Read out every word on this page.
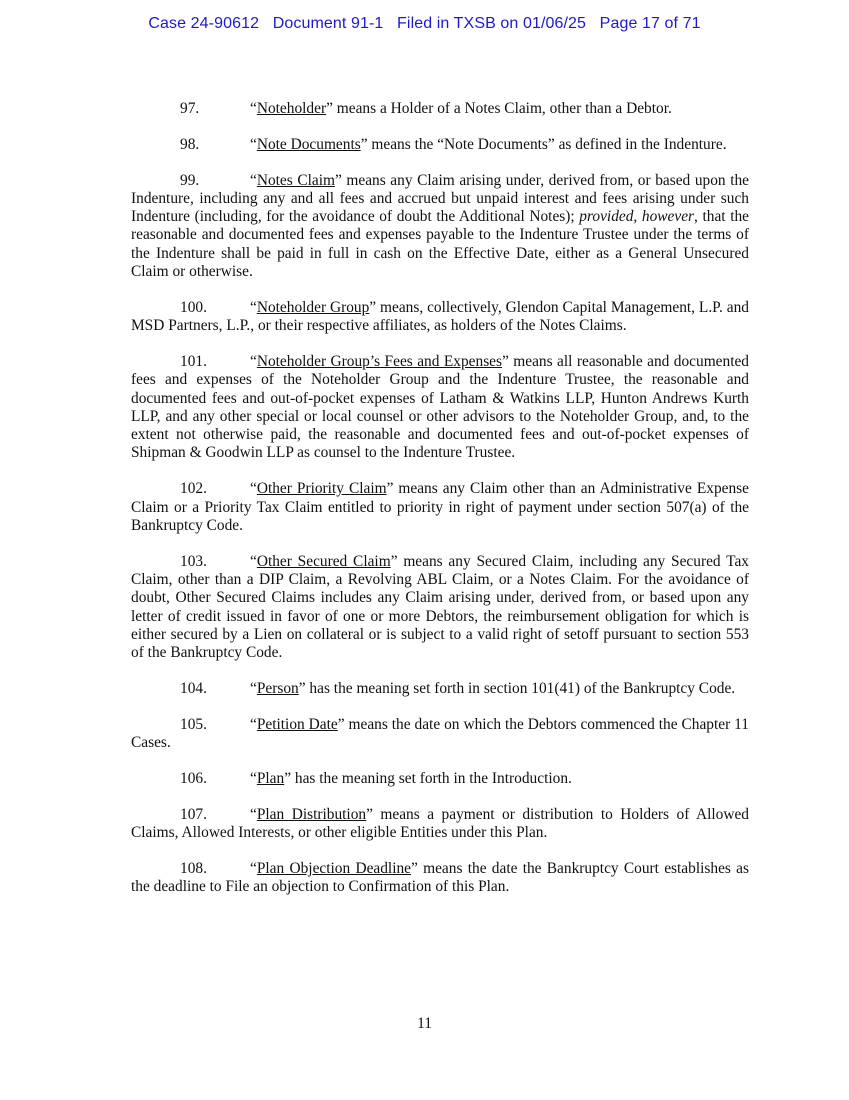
Case 24-90612   Document 91-1   Filed in TXSB on 01/06/25   Page 17 of 71

97.	“Noteholder” means a Holder of a Notes Claim, other than a Debtor.

98.	“Note Documents” means the “Note Documents” as defined in the Indenture.

99.	“Notes Claim” means any Claim arising under, derived from, or based upon the Indenture, including any and all fees and accrued but unpaid interest and fees arising under such Indenture (including, for the avoidance of doubt the Additional Notes); provided, however, that the reasonable and documented fees and expenses payable to the Indenture Trustee under the terms of the Indenture shall be paid in full in cash on the Effective Date, either as a General Unsecured Claim or otherwise.

100.	“Noteholder Group” means, collectively, Glendon Capital Management, L.P. and MSD Partners, L.P., or their respective affiliates, as holders of the Notes Claims.

101.	“Noteholder Group’s Fees and Expenses” means all reasonable and documented fees and expenses of the Noteholder Group and the Indenture Trustee, the reasonable and documented fees and out-of-pocket expenses of Latham & Watkins LLP, Hunton Andrews Kurth LLP, and any other special or local counsel or other advisors to the Noteholder Group, and, to the extent not otherwise paid, the reasonable and documented fees and out-of-pocket expenses of Shipman & Goodwin LLP as counsel to the Indenture Trustee.

102.	“Other Priority Claim” means any Claim other than an Administrative Expense Claim or a Priority Tax Claim entitled to priority in right of payment under section 507(a) of the Bankruptcy Code.

103.	“Other Secured Claim” means any Secured Claim, including any Secured Tax Claim, other than a DIP Claim, a Revolving ABL Claim, or a Notes Claim. For the avoidance of doubt, Other Secured Claims includes any Claim arising under, derived from, or based upon any letter of credit issued in favor of one or more Debtors, the reimbursement obligation for which is either secured by a Lien on collateral or is subject to a valid right of setoff pursuant to section 553 of the Bankruptcy Code.

104.	“Person” has the meaning set forth in section 101(41) of the Bankruptcy Code.

105.	“Petition Date” means the date on which the Debtors commenced the Chapter 11 Cases.

106.	“Plan” has the meaning set forth in the Introduction.

107.	“Plan Distribution” means a payment or distribution to Holders of Allowed Claims, Allowed Interests, or other eligible Entities under this Plan.

108.	“Plan Objection Deadline” means the date the Bankruptcy Court establishes as the deadline to File an objection to Confirmation of this Plan.

11
